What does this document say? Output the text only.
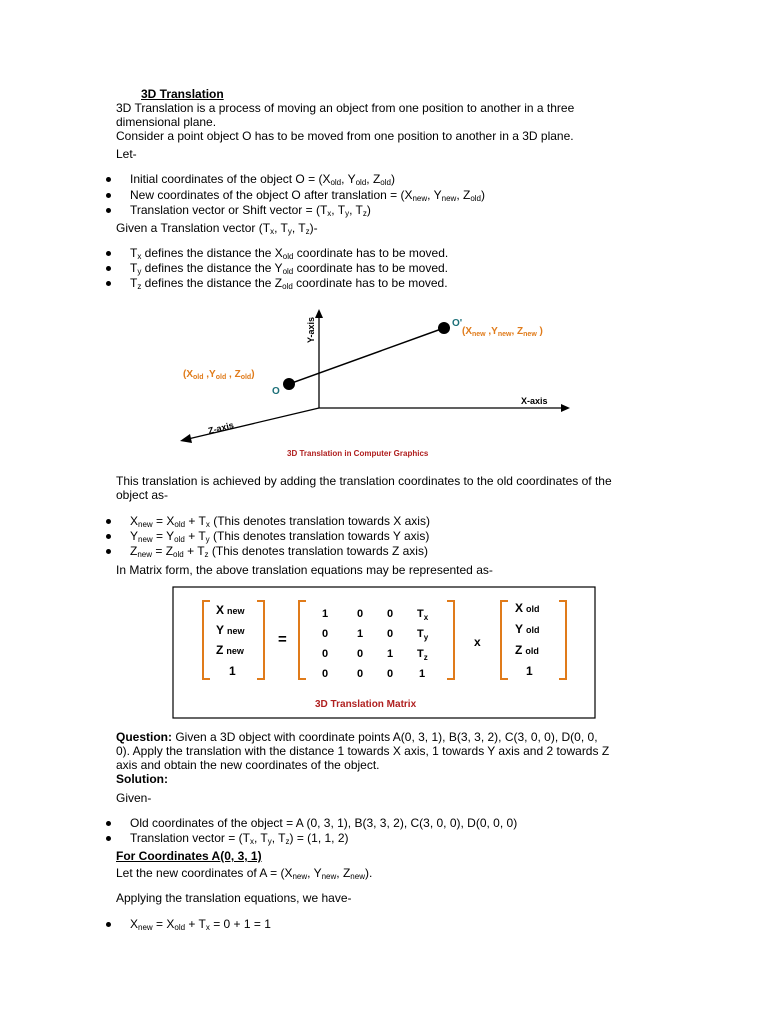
3D Translation
3D Translation is a process of moving an object from one position to another in a three
dimensional plane.
Consider a point object O has to be moved from one position to another in a 3D plane.
Let-
Initial coordinates of the object $O = (X_{old}$, $Y_{old}$, $Z_{old}$)
New coordinates of the object O after translation = ($X_{new}$, $Y_{new}$, $Z_{old}$)
Translation vector or Shift vector = ($T_x$, $T_y$, $T_z$)
Given a Translation vector ($T_x$, $T_y$, $T_z)-$
$T_x$ defines the distance the $X_{old}$ coordinate has to be moved.
$T_y$ defines the distance the $Y_{old}$ coordinate has to be moved.
$T_z$ defines the distance the $Z_{old}$ coordinate has to be moved.
Y-axis
X-axis
Z-axis
O
O'
($X_{new}$ $,Y_{new}$, $Z_{new}$ )
($X_{old}$ $,Y_{old}$ , $Z_{old}$)
3D Translation in Computer Graphics
This translation is achieved by adding the translation coordinates to the old coordinates of the
object as-
$X_{new} = X_{old} + T_x$ (This denotes translation towards X axis)
$Y_{new} = Y_{old} + T_y$ (This denotes translation towards Y axis)
$Z_{new} = Z_{old} + T_z$ (This denotes translation towards Z axis)
In Matrix form, the above translation equations may be represented as-
X new
Y new
Z new
1
=
1	0 0 $T_x$
0	1 0 $T_y$
0	0 1 $T_z$
0	0 0 1
x
X old
Y old
Z old
1
3D Translation Matrix
Question: Given a 3D object with coordinate points A(0, 3, 1), B(3, 3, 2), C(3, 0, 0), D(0, 0,
0). Apply the translation with the distance 1 towards X axis, 1 towards Y axis and 2 towards Z
axis and obtain the new coordinates of the object.
Solution:
Given-
Old coordinates of the object = A (0, 3, 1), B(3, 3, 2), C(3, 0, 0), D(0, 0, 0)
Translation vector = ($T_x$, $T_y$, $T_z) = (1$, 1, 2)
For Coordinates A(0, 3, 1)
Let the new coordinates of $A = (X_{new}$, $Y_{new}$, $Z_{new}$).
Applying the translation equations, we have-
$X_{new} = X_{old} + T_x = 0 + 1 = 1$
